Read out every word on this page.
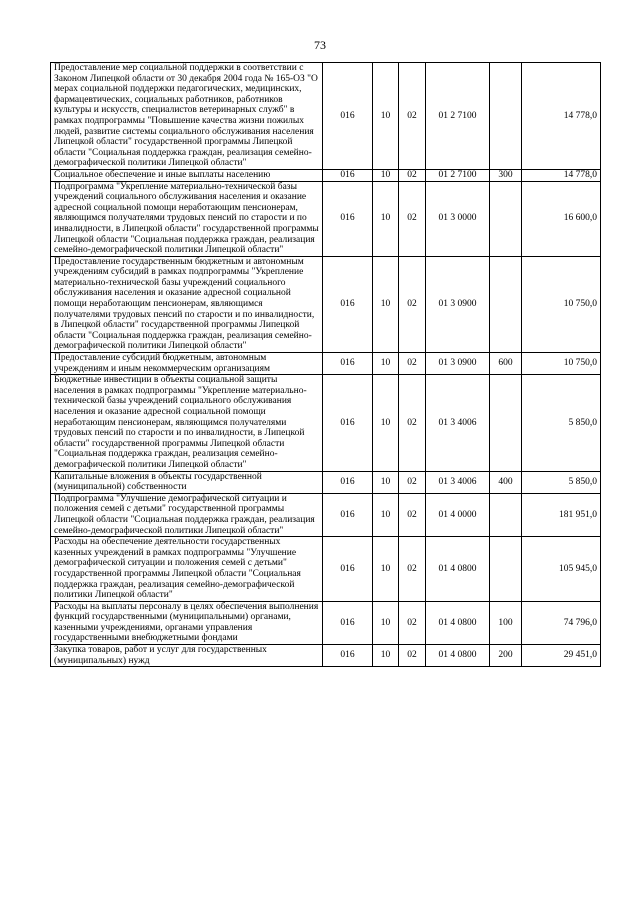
73
Предоставление мер социальной поддержки в соответствии с Законом Липецкой области от 30 декабря 2004 года № 165-ОЗ "О мерах социальной поддержки педагогических, медицинских, фармацевтических, социальных работников, работников культуры и искусств, специалистов ветеринарных служб" в рамках подпрограммы "Повышение качества жизни пожилых людей, развитие системы социального обслуживания населения Липецкой области" государственной программы Липецкой области "Социальная поддержка граждан, реализация семейно-демографической политики Липецкой области"	016	10	02	01 2 7100		14 778,0
Социальное обеспечение и иные выплаты населению	016	10	02	01 2 7100	300	14 778,0
Подпрограмма "Укрепление материально-технической базы учреждений социального обслуживания населения и оказание адресной социальной помощи неработающим пенсионерам, являющимся получателями трудовых пенсий по старости и по инвалидности, в Липецкой области" государственной программы Липецкой области "Социальная поддержка граждан, реализация семейно-демографической политики Липецкой области"	016	10	02	01 3 0000		16 600,0
Предоставление государственным бюджетным и автономным учреждениям субсидий в рамках подпрограммы "Укрепление материально-технической базы учреждений социального обслуживания населения и оказание адресной социальной помощи неработающим пенсионерам, являющимся получателями трудовых пенсий по старости и по инвалидности, в Липецкой области" государственной программы Липецкой области "Социальная поддержка граждан, реализация семейно-демографической политики Липецкой области"	016	10	02	01 3 0900		10 750,0
Предоставление субсидий бюджетным, автономным учреждениям и иным некоммерческим организациям	016	10	02	01 3 0900	600	10 750,0
Бюджетные инвестиции в объекты социальной защиты населения в рамках подпрограммы "Укрепление материально-технической базы учреждений социального обслуживания населения и оказание адресной социальной помощи неработающим пенсионерам, являющимся получателями трудовых пенсий по старости и по инвалидности, в Липецкой области" государственной программы Липецкой области "Социальная поддержка граждан, реализация семейно-демографической политики Липецкой области"	016	10	02	01 3 4006		5 850,0
Капитальные вложения в объекты государственной (муниципальной) собственности	016	10	02	01 3 4006	400	5 850,0
Подпрограмма "Улучшение демографической ситуации и положения семей с детьми" государственной программы Липецкой области "Социальная поддержка граждан, реализация семейно-демографической политики Липецкой области"	016	10	02	01 4 0000		181 951,0
Расходы на обеспечение деятельности государственных казенных учреждений в рамках подпрограммы "Улучшение демографической ситуации и положения семей с детьми" государственной программы Липецкой области "Социальная поддержка граждан, реализация семейно-демографической политики Липецкой области"	016	10	02	01 4 0800		105 945,0
Расходы на выплаты персоналу в целях обеспечения выполнения функций государственными (муниципальными) органами, казенными учреждениями, органами управления государственными внебюджетными фондами	016	10	02	01 4 0800	100	74 796,0
Закупка товаров, работ и услуг для государственных (муниципальных) нужд	016	10	02	01 4 0800	200	29 451,0
